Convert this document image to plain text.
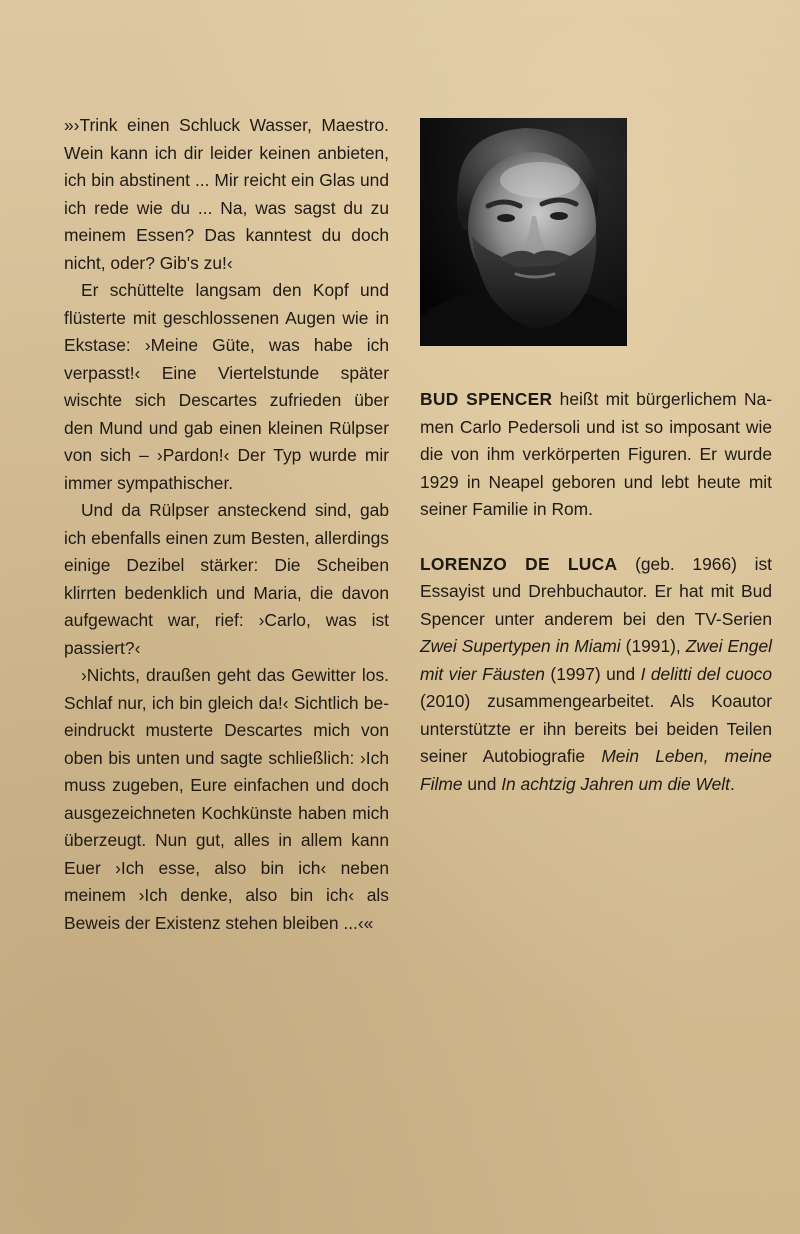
»›Trink einen Schluck Wasser, Maestro. Wein kann ich dir leider keinen anbieten, ich bin abstinent ... Mir reicht ein Glas und ich rede wie du ... Na, was sagst du zu meinem Essen? Das kanntest du doch nicht, oder? Gib's zu!‹

Er schüttelte langsam den Kopf und flüsterte mit geschlossenen Augen wie in Ekstase: ›Meine Güte, was habe ich verpasst!‹ Eine Viertelstunde später wischte sich Descartes zufrieden über den Mund und gab einen kleinen Rülpser von sich – ›Pardon!‹ Der Typ wurde mir immer sympathischer.

Und da Rülpser ansteckend sind, gab ich ebenfalls einen zum Besten, allerdings einige Dezibel stärker: Die Scheiben klirrten bedenklich und Maria, die davon aufgewacht war, rief: ›Carlo, was ist passiert?‹

›Nichts, draußen geht das Gewitter los. Schlaf nur, ich bin gleich da!‹ Sichtlich beeindruckt musterte Descartes mich von oben bis unten und sagte schließlich: ›Ich muss zugeben, Eure einfachen und doch ausgezeichneten Kochkünste haben mich überzeugt. Nun gut, alles in allem kann Euer ›Ich esse, also bin ich‹ neben meinem ›Ich denke, also bin ich‹ als Beweis der Existenz stehen bleiben ...‹«

BUD SPENCER heißt mit bürgerlichem Namen Carlo Pedersoli und ist so imposant wie die von ihm verkörperten Figuren. Er wurde 1929 in Neapel geboren und lebt heute mit seiner Familie in Rom.

LORENZO DE LUCA (geb. 1966) ist Essayist und Drehbuchautor. Er hat mit Bud Spencer unter anderem bei den TV-Serien Zwei Supertypen in Miami (1991), Zwei Engel mit vier Fäusten (1997) und I delitti del cuoco (2010) zusammengearbeitet. Als Koautor unterstützte er ihn bereits bei beiden Teilen seiner Autobiografie Mein Leben, meine Filme und In achtzig Jahren um die Welt.
